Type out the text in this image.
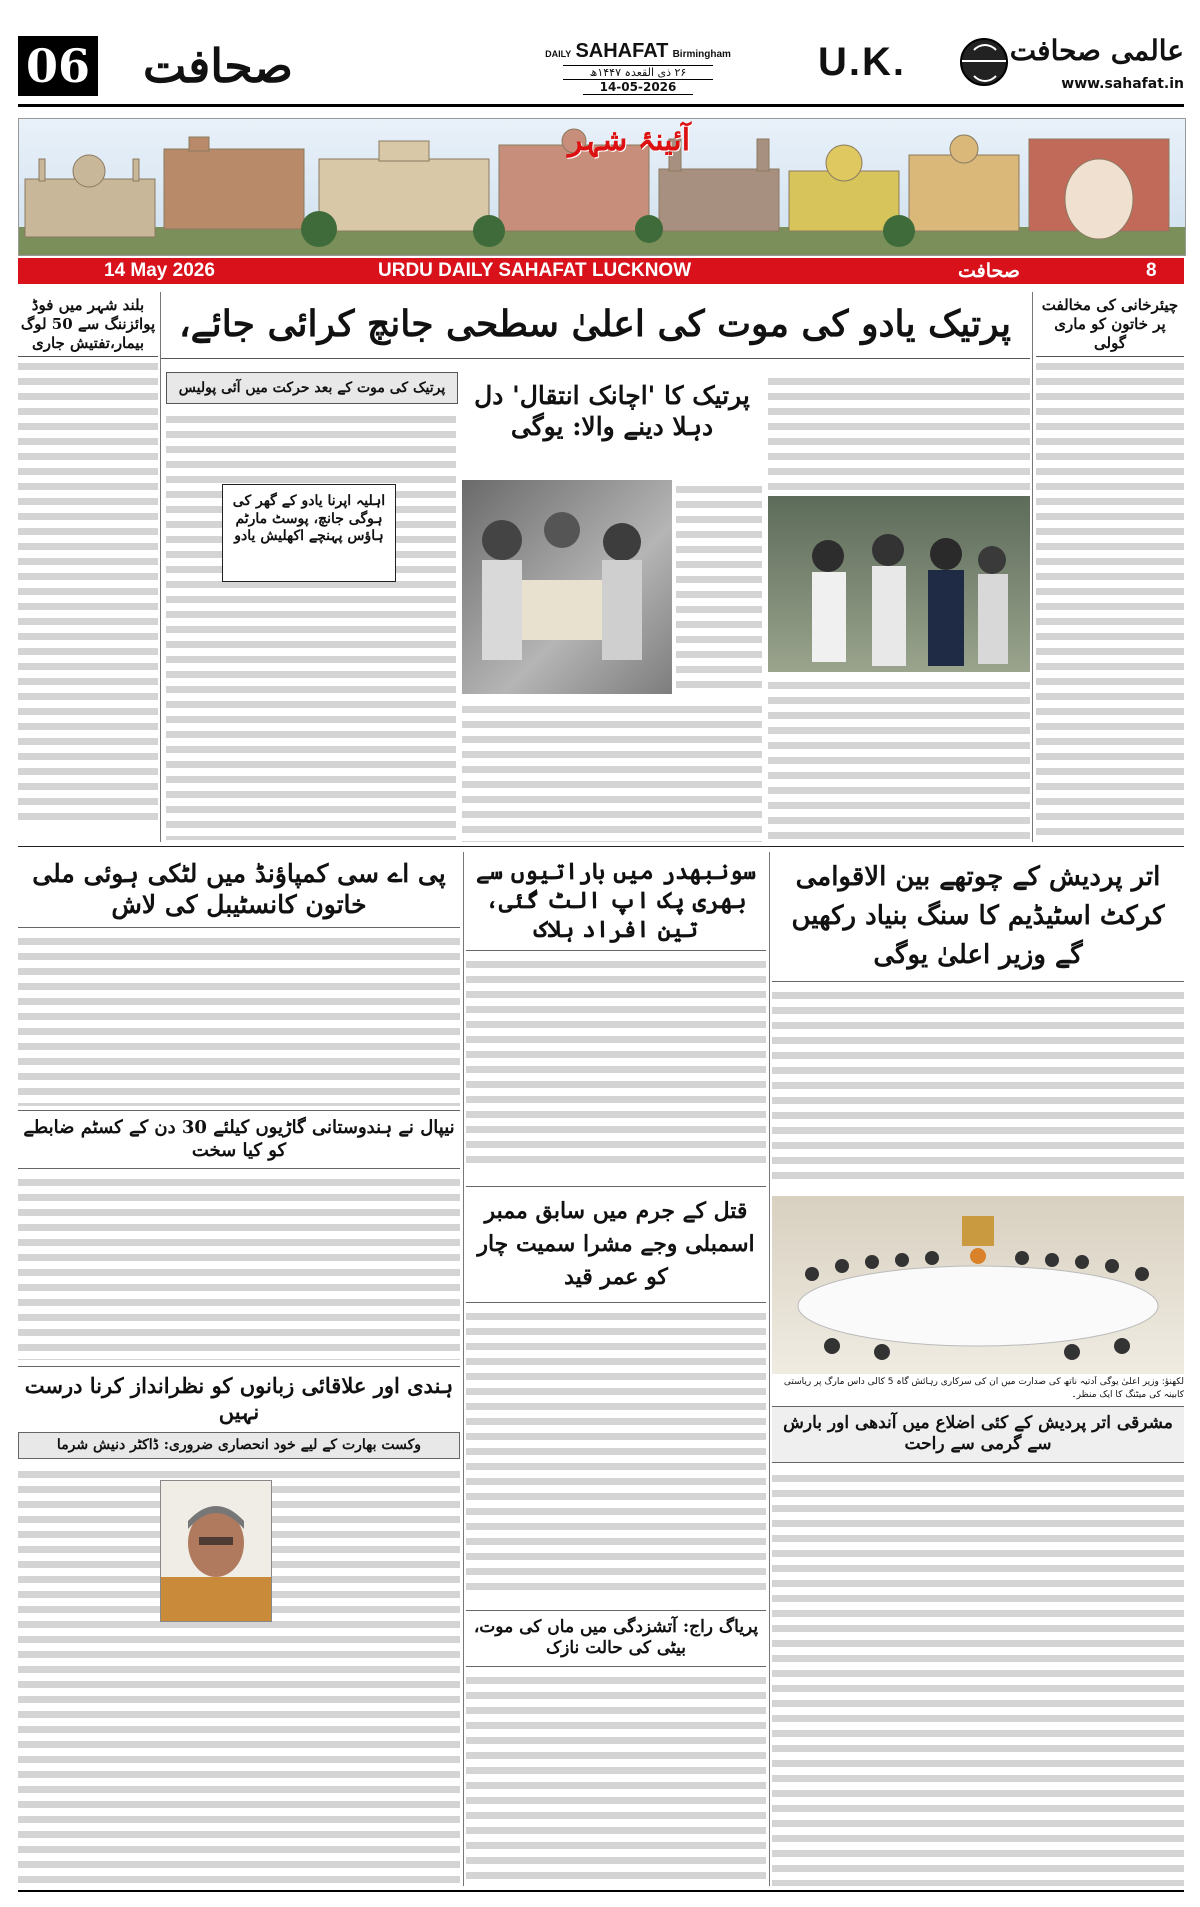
06	صحافت	DAILY SAHAFAT Birmingham
۲۶ ذی القعدہ ۱۴۴۷ھ
14-05-2026
U.K.	عالمی صحافت
www.sahafat.in
آئینۂ شہر
14 May 2026	URDU DAILY SAHAFAT LUCKNOW	صحافت	8
پرتیک یادو کی موت کی اعلیٰ سطحی جانچ کرائی جائے،
بلند شہر میں فوڈ پوائزننگ سے 50 لوگ بیمار،تفتیش جاری
چیئرخانی کی مخالفت پر خاتون کو ماری گولی
پرتیک کی موت کے بعد حرکت میں آئی پولیس
اہلیہ اپرنا یادو کے گھر کی ہوگی جانچ، پوسٹ مارٹم ہاؤس پہنچے اکھلیش یادو
پرتیک کا 'اچانک انتقال' دل دہلا دینے والا: یوگی
پی اے سی کمپاؤنڈ میں لٹکی ہوئی ملی خاتون کانسٹیبل کی لاش
سونبھدر میں باراتیوں سے بھری پک اپ الٹ گئی، تین افراد ہلاک
اتر پردیش کے چوتھے بین الاقوامی کرکٹ اسٹیڈیم کا سنگ بنیاد رکھیں گے وزیر اعلیٰ یوگی
نیپال نے ہندوستانی گاڑیوں کیلئے 30 دن کے کسٹم ضابطے کو کیا سخت
قتل کے جرم میں سابق ممبر اسمبلی وجے مشرا سمیت چار کو عمر قید
لکھنؤ: وزیر اعلیٰ یوگی آدتیہ ناتھ کی صدارت میں ان کی سرکاری رہائش گاہ 5 کالی داس مارگ پر ریاستی کابینہ کی میٹنگ کا ایک منظر۔
مشرقی اتر پردیش کے کئی اضلاع میں آندھی اور بارش سے گرمی سے راحت
ہندی اور علاقائی زبانوں کو نظرانداز کرنا درست نہیں
وکست بھارت کے لیے خود انحصاری ضروری: ڈاکٹر دنیش شرما
پریاگ راج: آتشزدگی میں ماں کی موت، بیٹی کی حالت نازک
